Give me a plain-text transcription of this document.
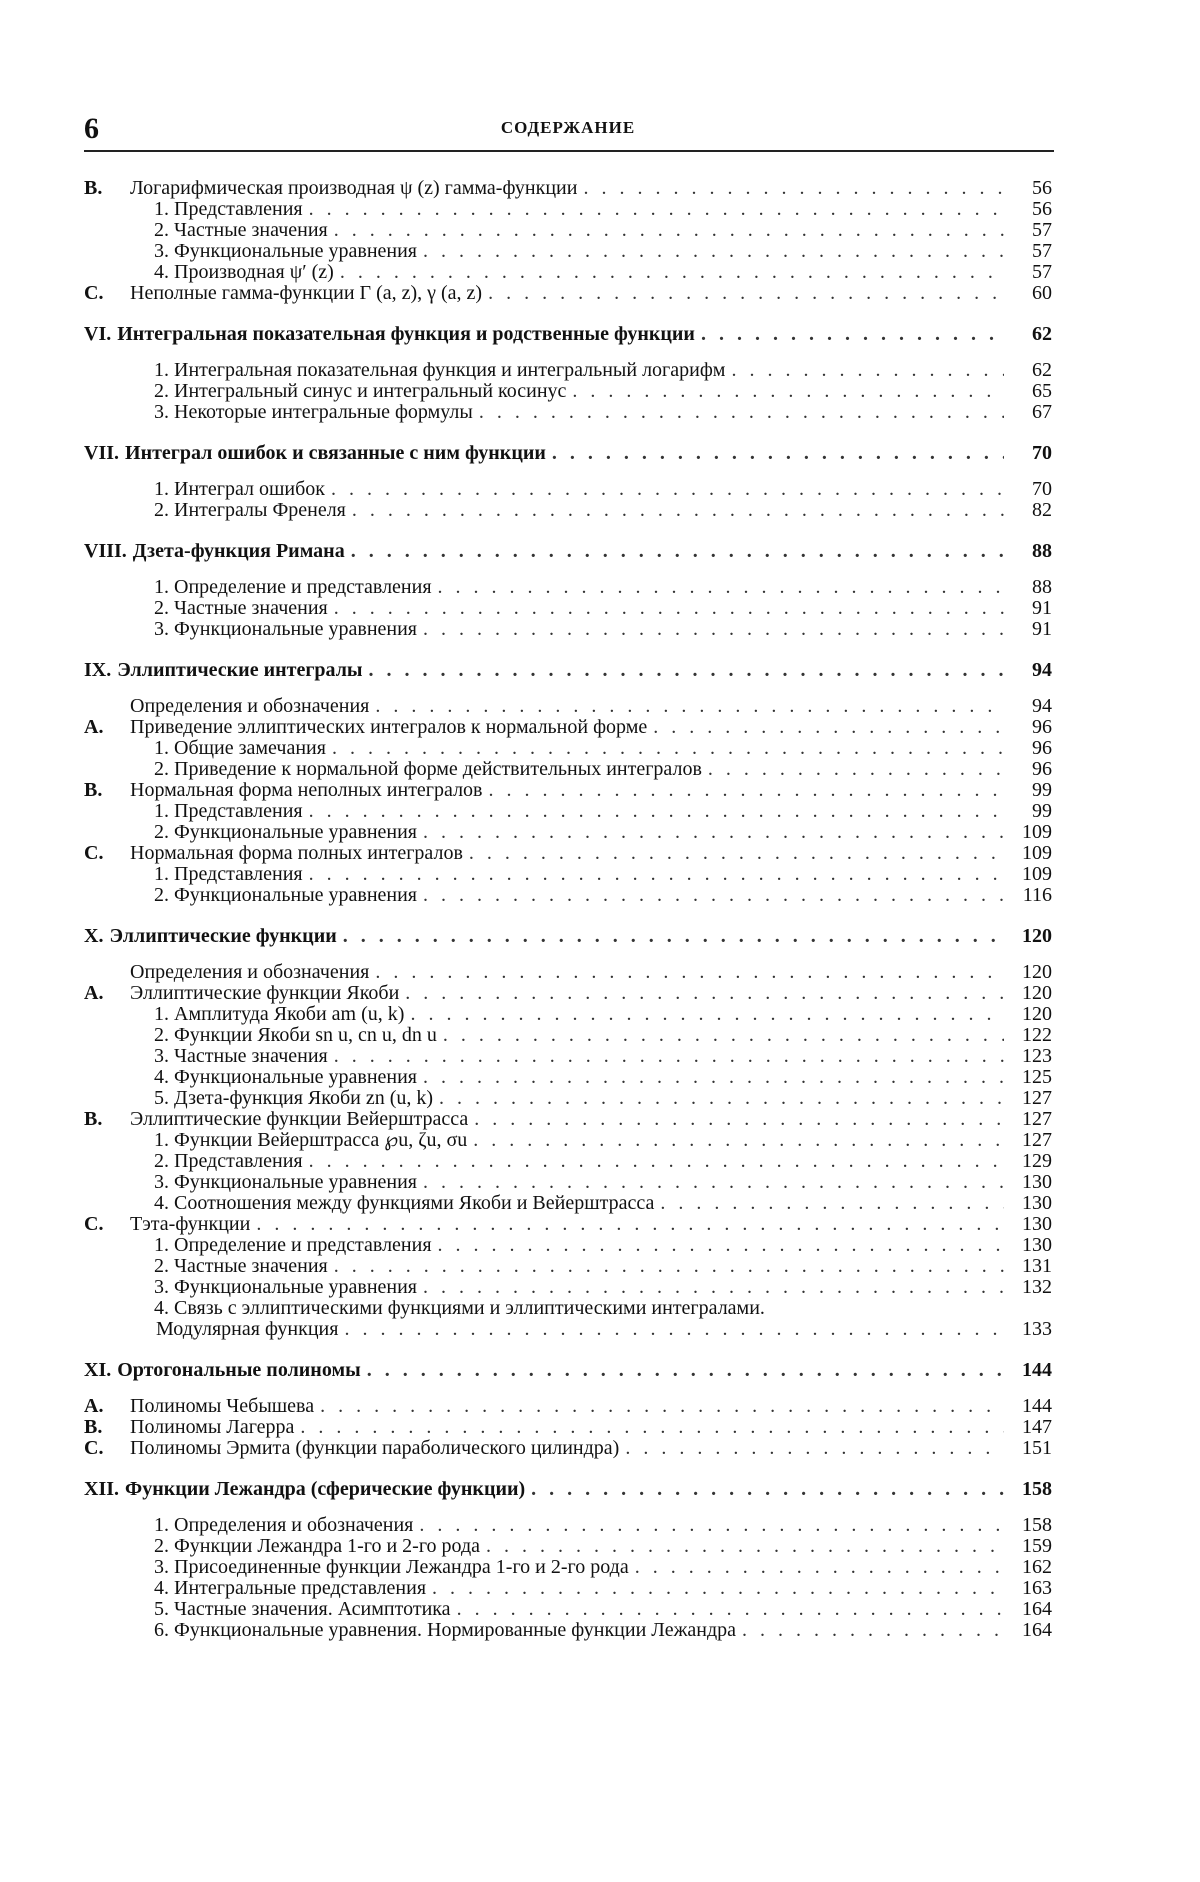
6	СОДЕРЖАНИЕ
B.	Логарифмическая производная ψ (z) гамма-функции
. . .	56
1. Представления
. . .	56
2. Частные значения
. . .	57
3. Функциональные уравнения
. . .	57
4. Производная ψ′ (z)
. . .	57
C.	Неполные гамма-функции Γ (a, z), γ (a, z)
. . .	60
VI. Интегральная показательная функция и родственные функции
. . .	62
1. Интегральная показательная функция и интегральный логарифм
. . .	62
2. Интегральный синус и интегральный косинус
. . .	65
3. Некоторые интегральные формулы
. . .	67
VII. Интеграл ошибок и связанные с ним функции
. . .	70
1. Интеграл ошибок
. . .	70
2. Интегралы Френеля
. . .	82
VIII. Дзета-функция Римана
. . .	88
1. Определение и представления
. . .	88
2. Частные значения
. . .	91
3. Функциональные уравнения
. . .	91
IX. Эллиптические интегралы
. . .	94
Определения и обозначения
. . .	94
A.	Приведение эллиптических интегралов к нормальной форме
. . .	96
1. Общие замечания
. . .	96
2. Приведение к нормальной форме действительных интегралов
. . .	96
B.	Нормальная форма неполных интегралов
. . .	99
1. Представления
. . .	99
2. Функциональные уравнения
. . .	109
C.	Нормальная форма полных интегралов
. . .	109
1. Представления
. . .	109
2. Функциональные уравнения
. . .	116
X. Эллиптические функции
. . .	120
Определения и обозначения
. . .	120
A.	Эллиптические функции Якоби
. . .	120
1. Амплитуда Якоби am (u, k)
. . .	120
2. Функции Якоби sn u, cn u, dn u
. . .	122
3. Частные значения
. . .	123
4. Функциональные уравнения
. . .	125
5. Дзета-функция Якоби zn (u, k)
. . .	127
B.	Эллиптические функции Вейерштрасса
. . .	127
1. Функции Вейерштрасса ℘u, ζu, σu
. . .	127
2. Представления
. . .	129
3. Функциональные уравнения
. . .	130
4. Соотношения между функциями Якоби и Вейерштрасса
. . .	130
C.	Тэта-функции
. . .	130
1. Определение и представления
. . .	130
2. Частные значения
. . .	131
3. Функциональные уравнения
. . .	132
4. Связь с эллиптическими функциями и эллиптическими интегралами.
Модулярная функция
. . .	133
XI. Ортогональные полиномы
. . .	144
A.	Полиномы Чебышева
. . .	144
B.	Полиномы Лагерра
. . .	147
C.	Полиномы Эрмита (функции параболического цилиндра)
. . .	151
XII. Функции Лежандра (сферические функции)
. . .	158
1. Определения и обозначения
. . .	158
2. Функции Лежандра 1-го и 2-го рода
. . .	159
3. Присоединенные функции Лежандра 1-го и 2-го рода
. . .	162
4. Интегральные представления
. . .	163
5. Частные значения. Асимптотика
. . .	164
6. Функциональные уравнения. Нормированные функции Лежандра
. . .	164
